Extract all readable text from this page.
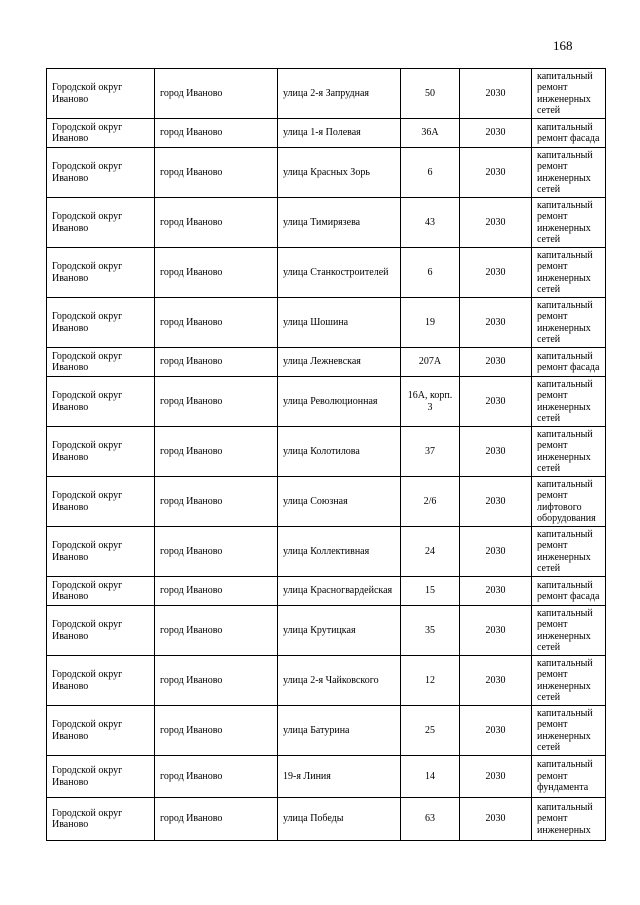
168
Городской округ Иваново	город Иваново	улица 2-я Запрудная	50	2030	капитальный ремонт инженерных сетей
Городской округ Иваново	город Иваново	улица 1-я Полевая	36А	2030	капитальный ремонт фасада
Городской округ Иваново	город Иваново	улица Красных Зорь	6	2030	капитальный ремонт инженерных сетей
Городской округ Иваново	город Иваново	улица Тимирязева	43	2030	капитальный ремонт инженерных сетей
Городской округ Иваново	город Иваново	улица Станкостроителей	6	2030	капитальный ремонт инженерных сетей
Городской округ Иваново	город Иваново	улица Шошина	19	2030	капитальный ремонт инженерных сетей
Городской округ Иваново	город Иваново	улица Лежневская	207А	2030	капитальный ремонт фасада
Городской округ Иваново	город Иваново	улица Революционная	16А, корп. 3	2030	капитальный ремонт инженерных сетей
Городской округ Иваново	город Иваново	улица Колотилова	37	2030	капитальный ремонт инженерных сетей
Городской округ Иваново	город Иваново	улица Союзная	2/6	2030	капитальный ремонт лифтового оборудования
Городской округ Иваново	город Иваново	улица Коллективная	24	2030	капитальный ремонт инженерных сетей
Городской округ Иваново	город Иваново	улица Красногвардейская	15	2030	капитальный ремонт фасада
Городской округ Иваново	город Иваново	улица Крутицкая	35	2030	капитальный ремонт инженерных сетей
Городской округ Иваново	город Иваново	улица 2-я Чайковского	12	2030	капитальный ремонт инженерных сетей
Городской округ Иваново	город Иваново	улица Батурина	25	2030	капитальный ремонт инженерных сетей
Городской округ Иваново	город Иваново	19-я Линия	14	2030	капитальный ремонт фундамента
Городской округ Иваново	город Иваново	улица Победы	63	2030	капитальный ремонт инженерных
